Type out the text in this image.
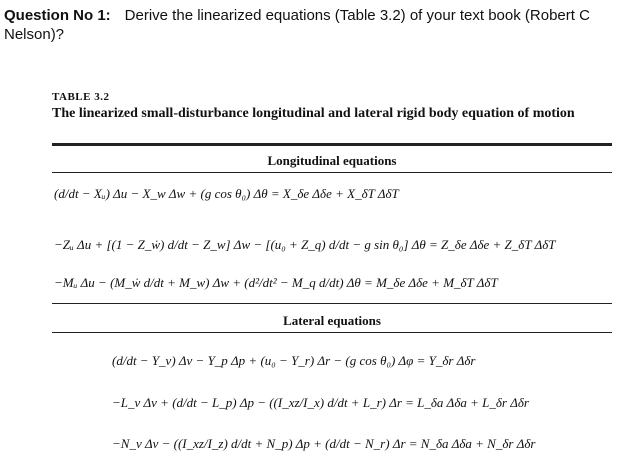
Question No 1: Derive the linearized equations (Table 3.2) of your text book (Robert C Nelson)?
TABLE 3.2
The linearized small-disturbance longitudinal and lateral rigid body equation of motion
Longitudinal equations
(d/dt − Xᵤ) Δu − X_w Δw + (g cos θ₀) Δθ = X_δe Δδe + X_δT ΔδT
−Zᵤ Δu + [(1 − Z_ẇ) d/dt − Z_w] Δw − [(u₀ + Z_q) d/dt − g sin θ₀] Δθ = Z_δe Δδe + Z_δT ΔδT
−Mᵤ Δu − (M_ẇ d/dt + M_w) Δw + (d²/dt² − M_q d/dt) Δθ = M_δe Δδe + M_δT ΔδT
Lateral equations
(d/dt − Y_v) Δv − Y_p Δp + (u₀ − Y_r) Δr − (g cos θ₀) Δφ = Y_δr Δδr
−L_v Δv + (d/dt − L_p) Δp − ((I_xz/I_x) d/dt + L_r) Δr = L_δa Δδa + L_δr Δδr
−N_v Δv − ((I_xz/I_z) d/dt + N_p) Δp + (d/dt − N_r) Δr = N_δa Δδa + N_δr Δδr
